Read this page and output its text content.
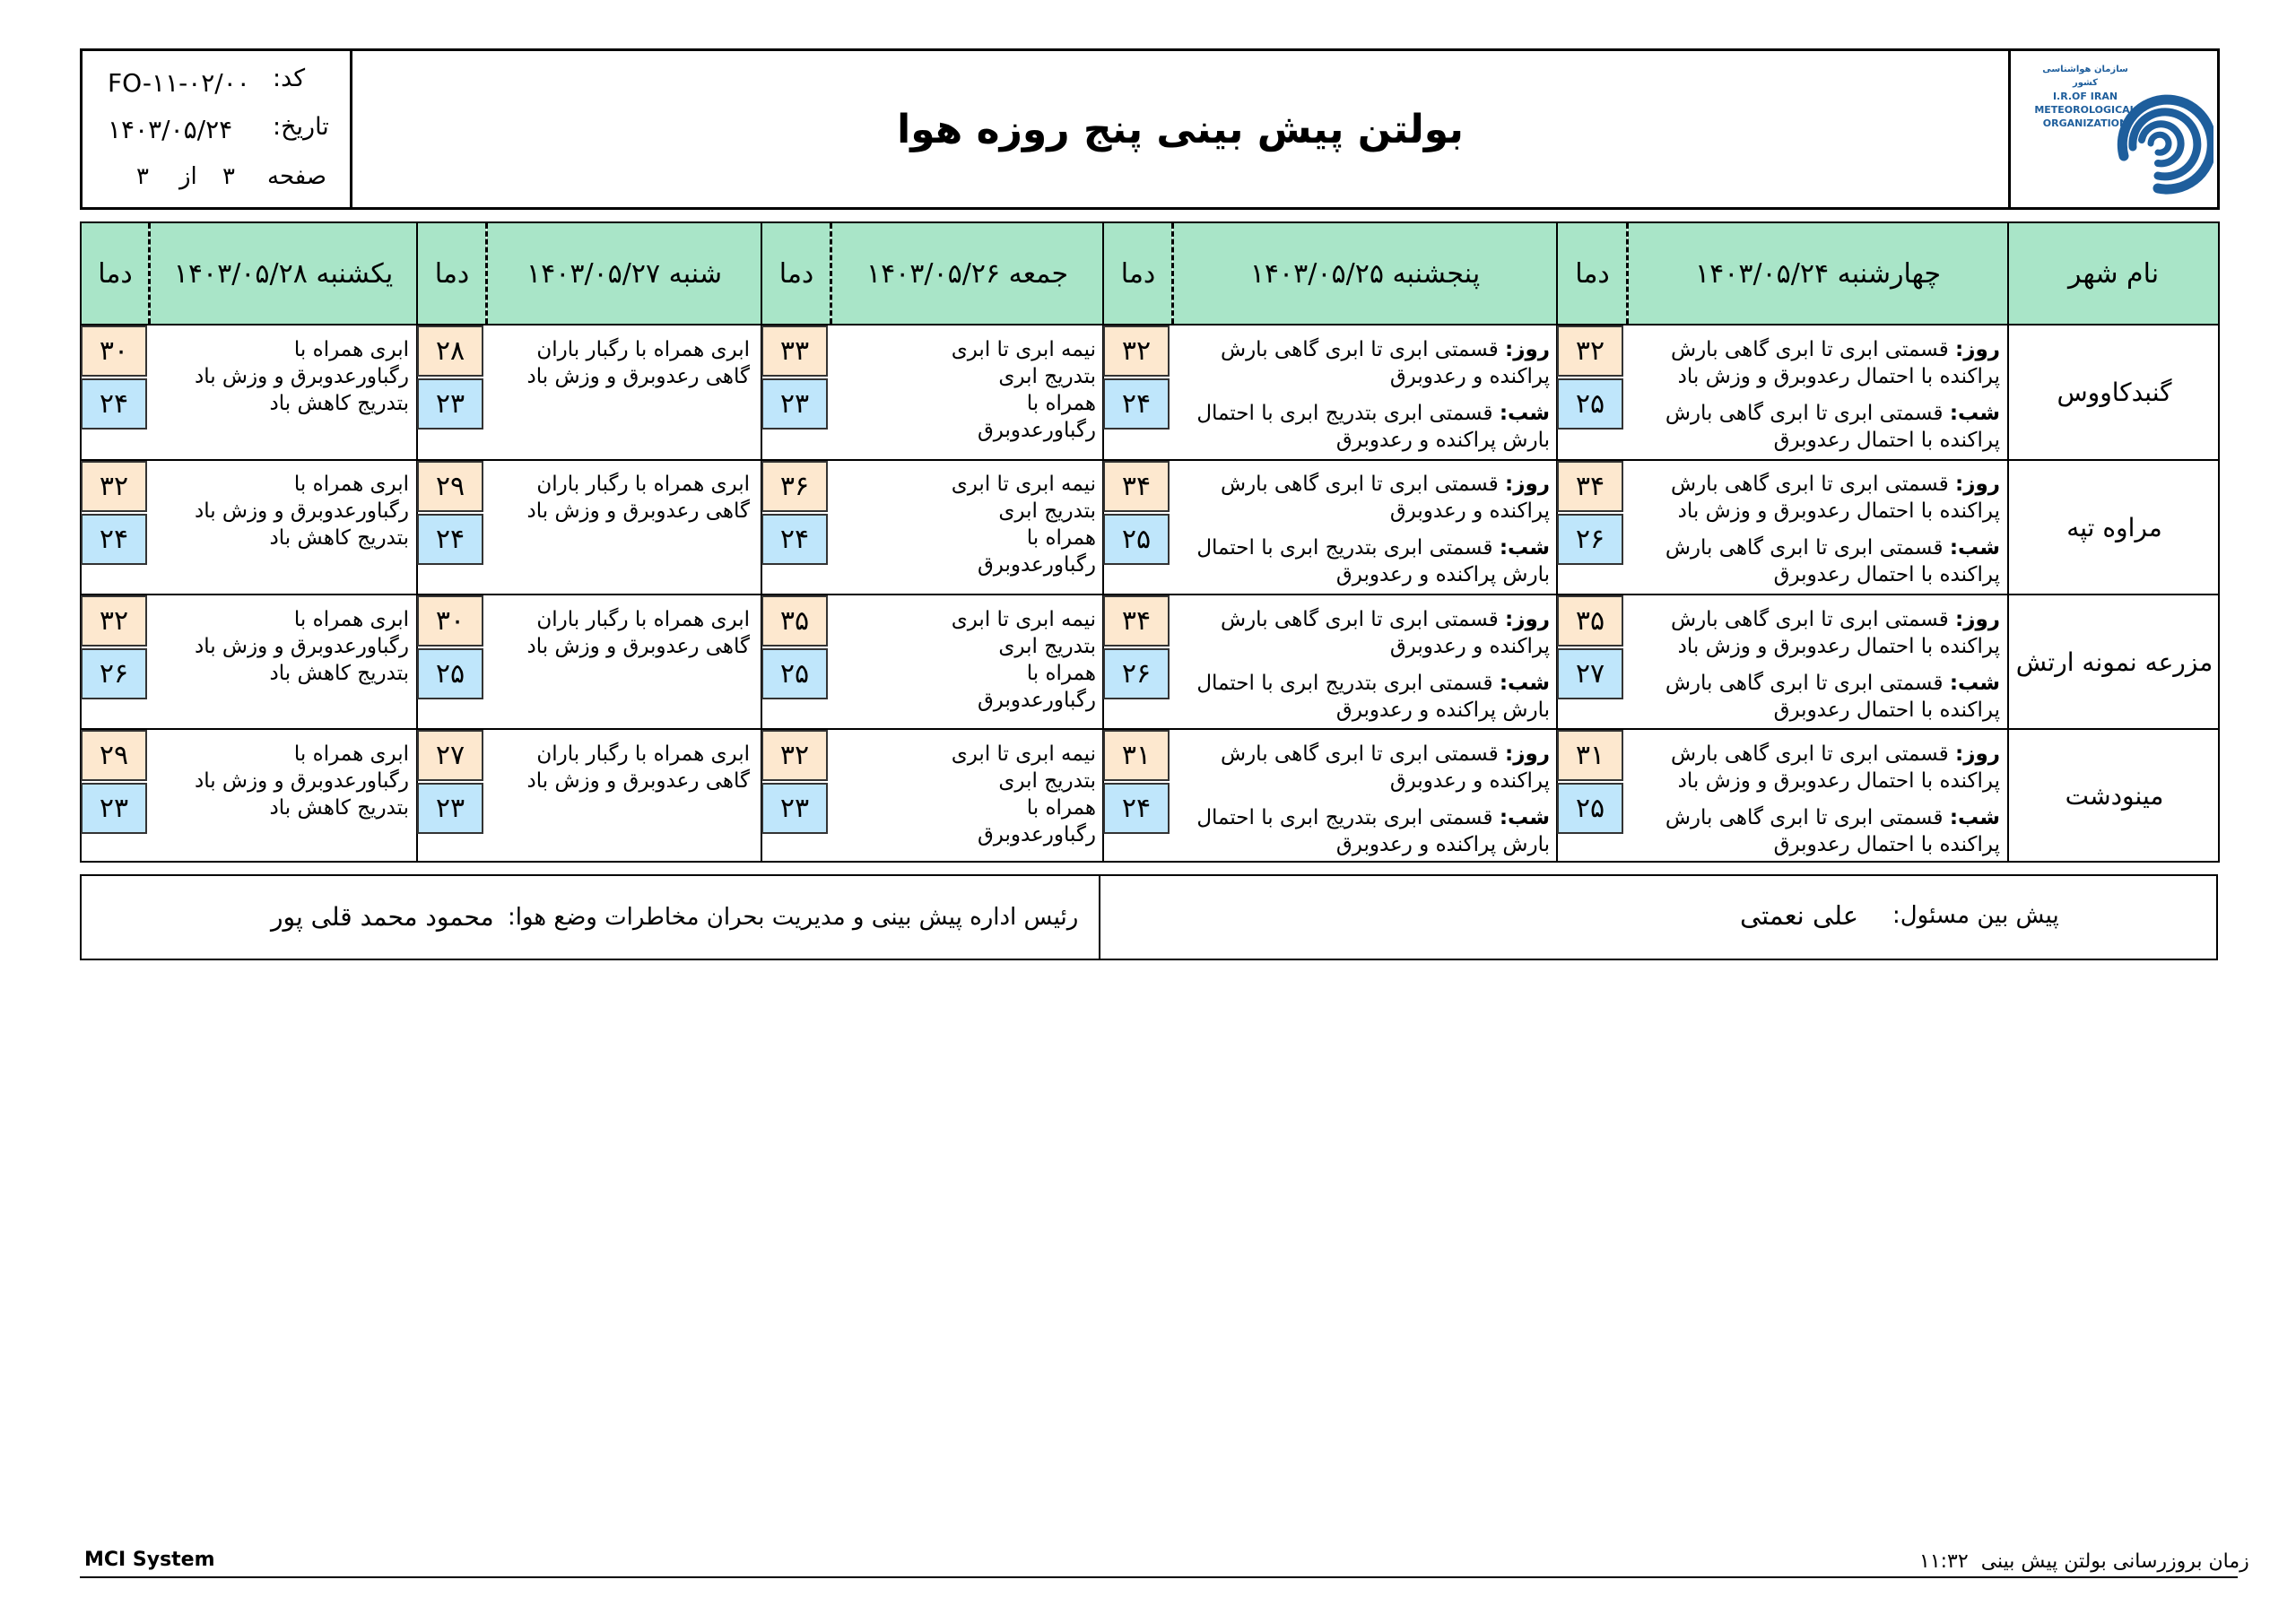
بولتن پیش بینی پنج روزه هوا
کد:
FO-۱۱-۰۲/۰۰
تاریخ:
۱۴۰۳/۰۵/۲۴
صفحه
۳
از
۳
سازمان هواشناسی کشور
I.R.OF IRAN
METEOROLOGICAL
ORGANIZATION
نام شهر
چهارشنبه ۱۴۰۳/۰۵/۲۴
دما
پنجشنبه ۱۴۰۳/۰۵/۲۵
دما
جمعه ۱۴۰۳/۰۵/۲۶
دما
شنبه ۱۴۰۳/۰۵/۲۷
دما
یکشنبه ۱۴۰۳/۰۵/۲۸
دما
گنبدکاووس
روز: قسمتی ابری تا ابری گاهی بارش پراکنده با احتمال رعدوبرق و وزش باد
شب: قسمتی ابری تا ابری گاهی بارش پراکنده با احتمال رعدوبرق
۳۲
۲۵
روز: قسمتی ابری تا ابری گاهی بارش پراکنده و رعدوبرق
شب: قسمتی ابری بتدریج ابری با احتمال بارش پراکنده و رعدوبرق
۳۲
۲۴
نیمه ابری تا ابری بتدریج ابری همراه با رگباورعدوبرق
۳۳
۲۳
ابری همراه با رگبار باران گاهی رعدوبرق و وزش باد
۲۸
۲۳
ابری همراه با رگباورعدوبرق و وزش باد بتدریج کاهش باد
۳۰
۲۴
مراوه تپه
روز: قسمتی ابری تا ابری گاهی بارش پراکنده با احتمال رعدوبرق و وزش باد
شب: قسمتی ابری تا ابری گاهی بارش پراکنده با احتمال رعدوبرق
۳۴
۲۶
روز: قسمتی ابری تا ابری گاهی بارش پراکنده و رعدوبرق
شب: قسمتی ابری بتدریج ابری با احتمال بارش پراکنده و رعدوبرق
۳۴
۲۵
نیمه ابری تا ابری بتدریج ابری همراه با رگباورعدوبرق
۳۶
۲۴
ابری همراه با رگبار باران گاهی رعدوبرق و وزش باد
۲۹
۲۴
ابری همراه با رگباورعدوبرق و وزش باد بتدریج کاهش باد
۳۲
۲۴
مزرعه نمونه ارتش
روز: قسمتی ابری تا ابری گاهی بارش پراکنده با احتمال رعدوبرق و وزش باد
شب: قسمتی ابری تا ابری گاهی بارش پراکنده با احتمال رعدوبرق
۳۵
۲۷
روز: قسمتی ابری تا ابری گاهی بارش پراکنده و رعدوبرق
شب: قسمتی ابری بتدریج ابری با احتمال بارش پراکنده و رعدوبرق
۳۴
۲۶
نیمه ابری تا ابری بتدریج ابری همراه با رگباورعدوبرق
۳۵
۲۵
ابری همراه با رگبار باران گاهی رعدوبرق و وزش باد
۳۰
۲۵
ابری همراه با رگباورعدوبرق و وزش باد بتدریج کاهش باد
۳۲
۲۶
مینودشت
روز: قسمتی ابری تا ابری گاهی بارش پراکنده با احتمال رعدوبرق و وزش باد
شب: قسمتی ابری تا ابری گاهی بارش پراکنده با احتمال رعدوبرق
۳۱
۲۵
روز: قسمتی ابری تا ابری گاهی بارش پراکنده و رعدوبرق
شب: قسمتی ابری بتدریج ابری با احتمال بارش پراکنده و رعدوبرق
۳۱
۲۴
نیمه ابری تا ابری بتدریج ابری همراه با رگباورعدوبرق
۳۲
۲۳
ابری همراه با رگبار باران گاهی رعدوبرق و وزش باد
۲۷
۲۳
ابری همراه با رگباورعدوبرق و وزش باد بتدریج کاهش باد
۲۹
۲۳
پیش بین مسئول:
علی نعمتی
رئیس اداره پیش بینی و مدیریت بحران مخاطرات وضع هوا:
محمود محمد قلی پور
MCI System	زمان بروزرسانی بولتن پیش بینی  ۱۱:۳۲
